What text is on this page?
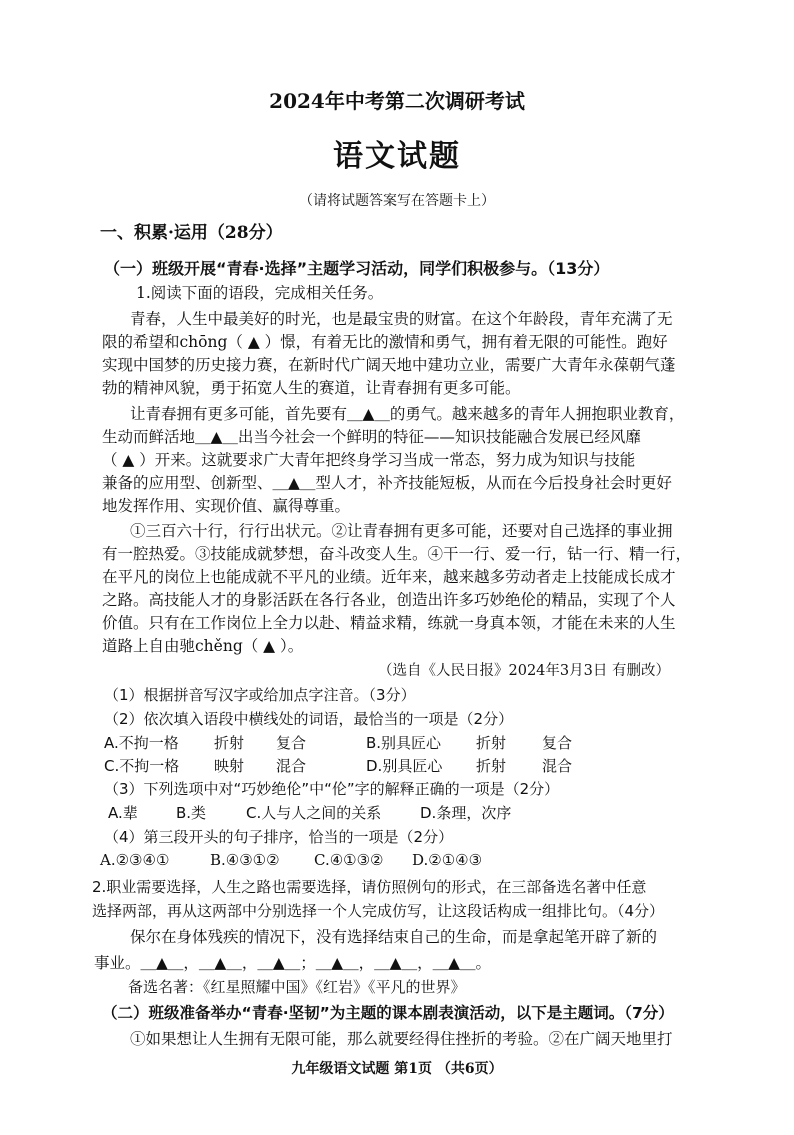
2024年中考第二次调研考试
语文试题
（请将试题答案写在答题卡上）
一、积累·运用（28分）
（一）班级开展“青春·选择”主题学习活动，同学们积极参与。（13分）
1.阅读下面的语段，完成相关任务。
青春，人生中最美好的时光，也是最宝贵的财富。在这个年龄段，青年充满了无
限的希望和chōng（ ▲ ）憬，有着无比的激情和勇气，拥有着无限的可能性。跑好
实现中国梦的历史接力赛，在新时代广阔天地中建功立业，需要广大青年永葆朝气蓬
勃的精神风貌，勇于拓宽人生的赛道，让青春拥有更多可能。
让青春拥有更多可能，首先要有＿▲＿的勇气。越来越多的青年人拥抱职业教育，
生动而鲜活地＿▲＿出当今社会一个鲜明的特征——知识技能融合发展已经风靡
（ ▲ ）开来。这就要求广大青年把终身学习当成一常态，努力成为知识与技能
兼备的应用型、创新型、＿▲＿型人才，补齐技能短板，从而在今后投身社会时更好
地发挥作用、实现价值、赢得尊重。
①三百六十行，行行出状元。②让青春拥有更多可能，还要对自己选择的事业拥
有一腔热爱。③技能成就梦想，奋斗改变人生。④干一行、爱一行，钻一行、精一行，
在平凡的岗位上也能成就不平凡的业绩。近年来，越来越多劳动者走上技能成长成才
之路。高技能人才的身影活跃在各行各业，创造出许多巧妙绝伦的精品，实现了个人
价值。只有在工作岗位上全力以赴、精益求精，练就一身真本领，才能在未来的人生
道路上自由驰chěng（ ▲ ）。
（选自《人民日报》2024年3月3日 有删改）
（1）根据拼音写汉字或给加点字注音。（3分）
（2）依次填入语段中横线处的词语，最恰当的一项是（2分）
A.不拘一格 折射 复合	B.别具匠心 折射 复合
C.不拘一格 映射 混合	D.别具匠心 折射 混合
（3）下列选项中对“巧妙绝伦”中“伦”字的解释正确的一项是（2分）
A.辈	B.类	C.人与人之间的关系	D.条理，次序
（4）第三段开头的句子排序，恰当的一项是（2分）
A.②③④①	B.④③①② C.④①③② D.②①④③
2.职业需要选择，人生之路也需要选择，请仿照例句的形式，在三部备选名著中任意
选择两部，再从这两部中分别选择一个人完成仿写，让这段话构成一组排比句。（4分）
保尔在身体残疾的情况下，没有选择结束自己的生命，而是拿起笔开辟了新的
事业。＿▲＿，＿▲＿，＿▲＿；＿▲＿，＿▲＿，＿▲＿。
备选名著：《红星照耀中国》《红岩》《平凡的世界》
（二）班级准备举办“青春·坚韧”为主题的课本剧表演活动，以下是主题词。（7分）
①如果想让人生拥有无限可能，那么就要经得住挫折的考验。②在广阔天地里打
九年级语文试题 第1页 （共6页）
